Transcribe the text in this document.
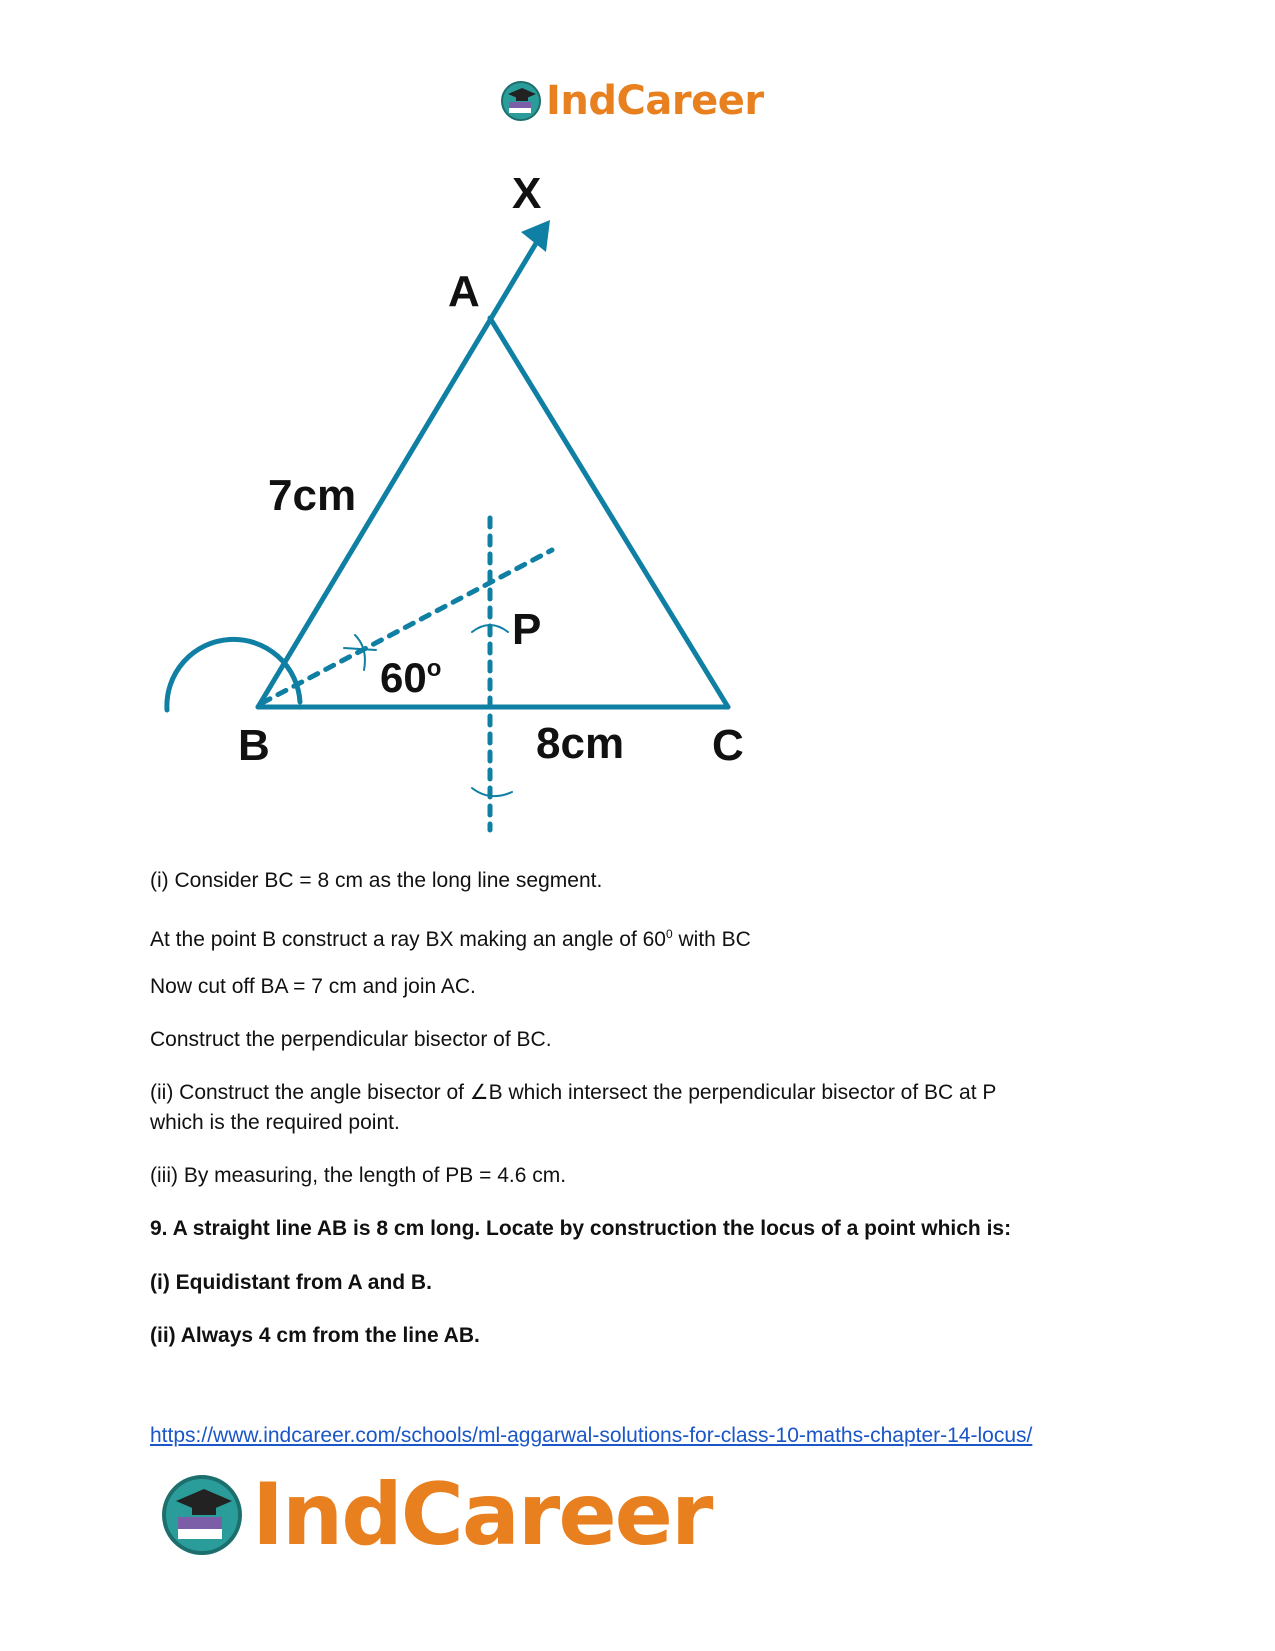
IndCareer
X
A
7cm
P
60$^o$
B	8cm C
(i) Consider BC = 8 cm as the long line segment.
At the point B construct a ray BX making an angle of $60^0$ with BC
Now cut off BA = 7 cm and join AC.
Construct the perpendicular bisector of BC.
(ii) Construct the angle bisector of ∠B which intersect the perpendicular bisector of BC at P
which is the required point.
(iii) By measuring, the length of PB = 4.6 cm.
9. A straight line AB is 8 cm long. Locate by construction the locus of a point which is:
(i) Equidistant from A and B.
(ii) Always 4 cm from the line AB.
https://www.indcareer.com/schools/ml-aggarwal-solutions-for-class-10-maths-chapter-14-locus/
IndCareer
